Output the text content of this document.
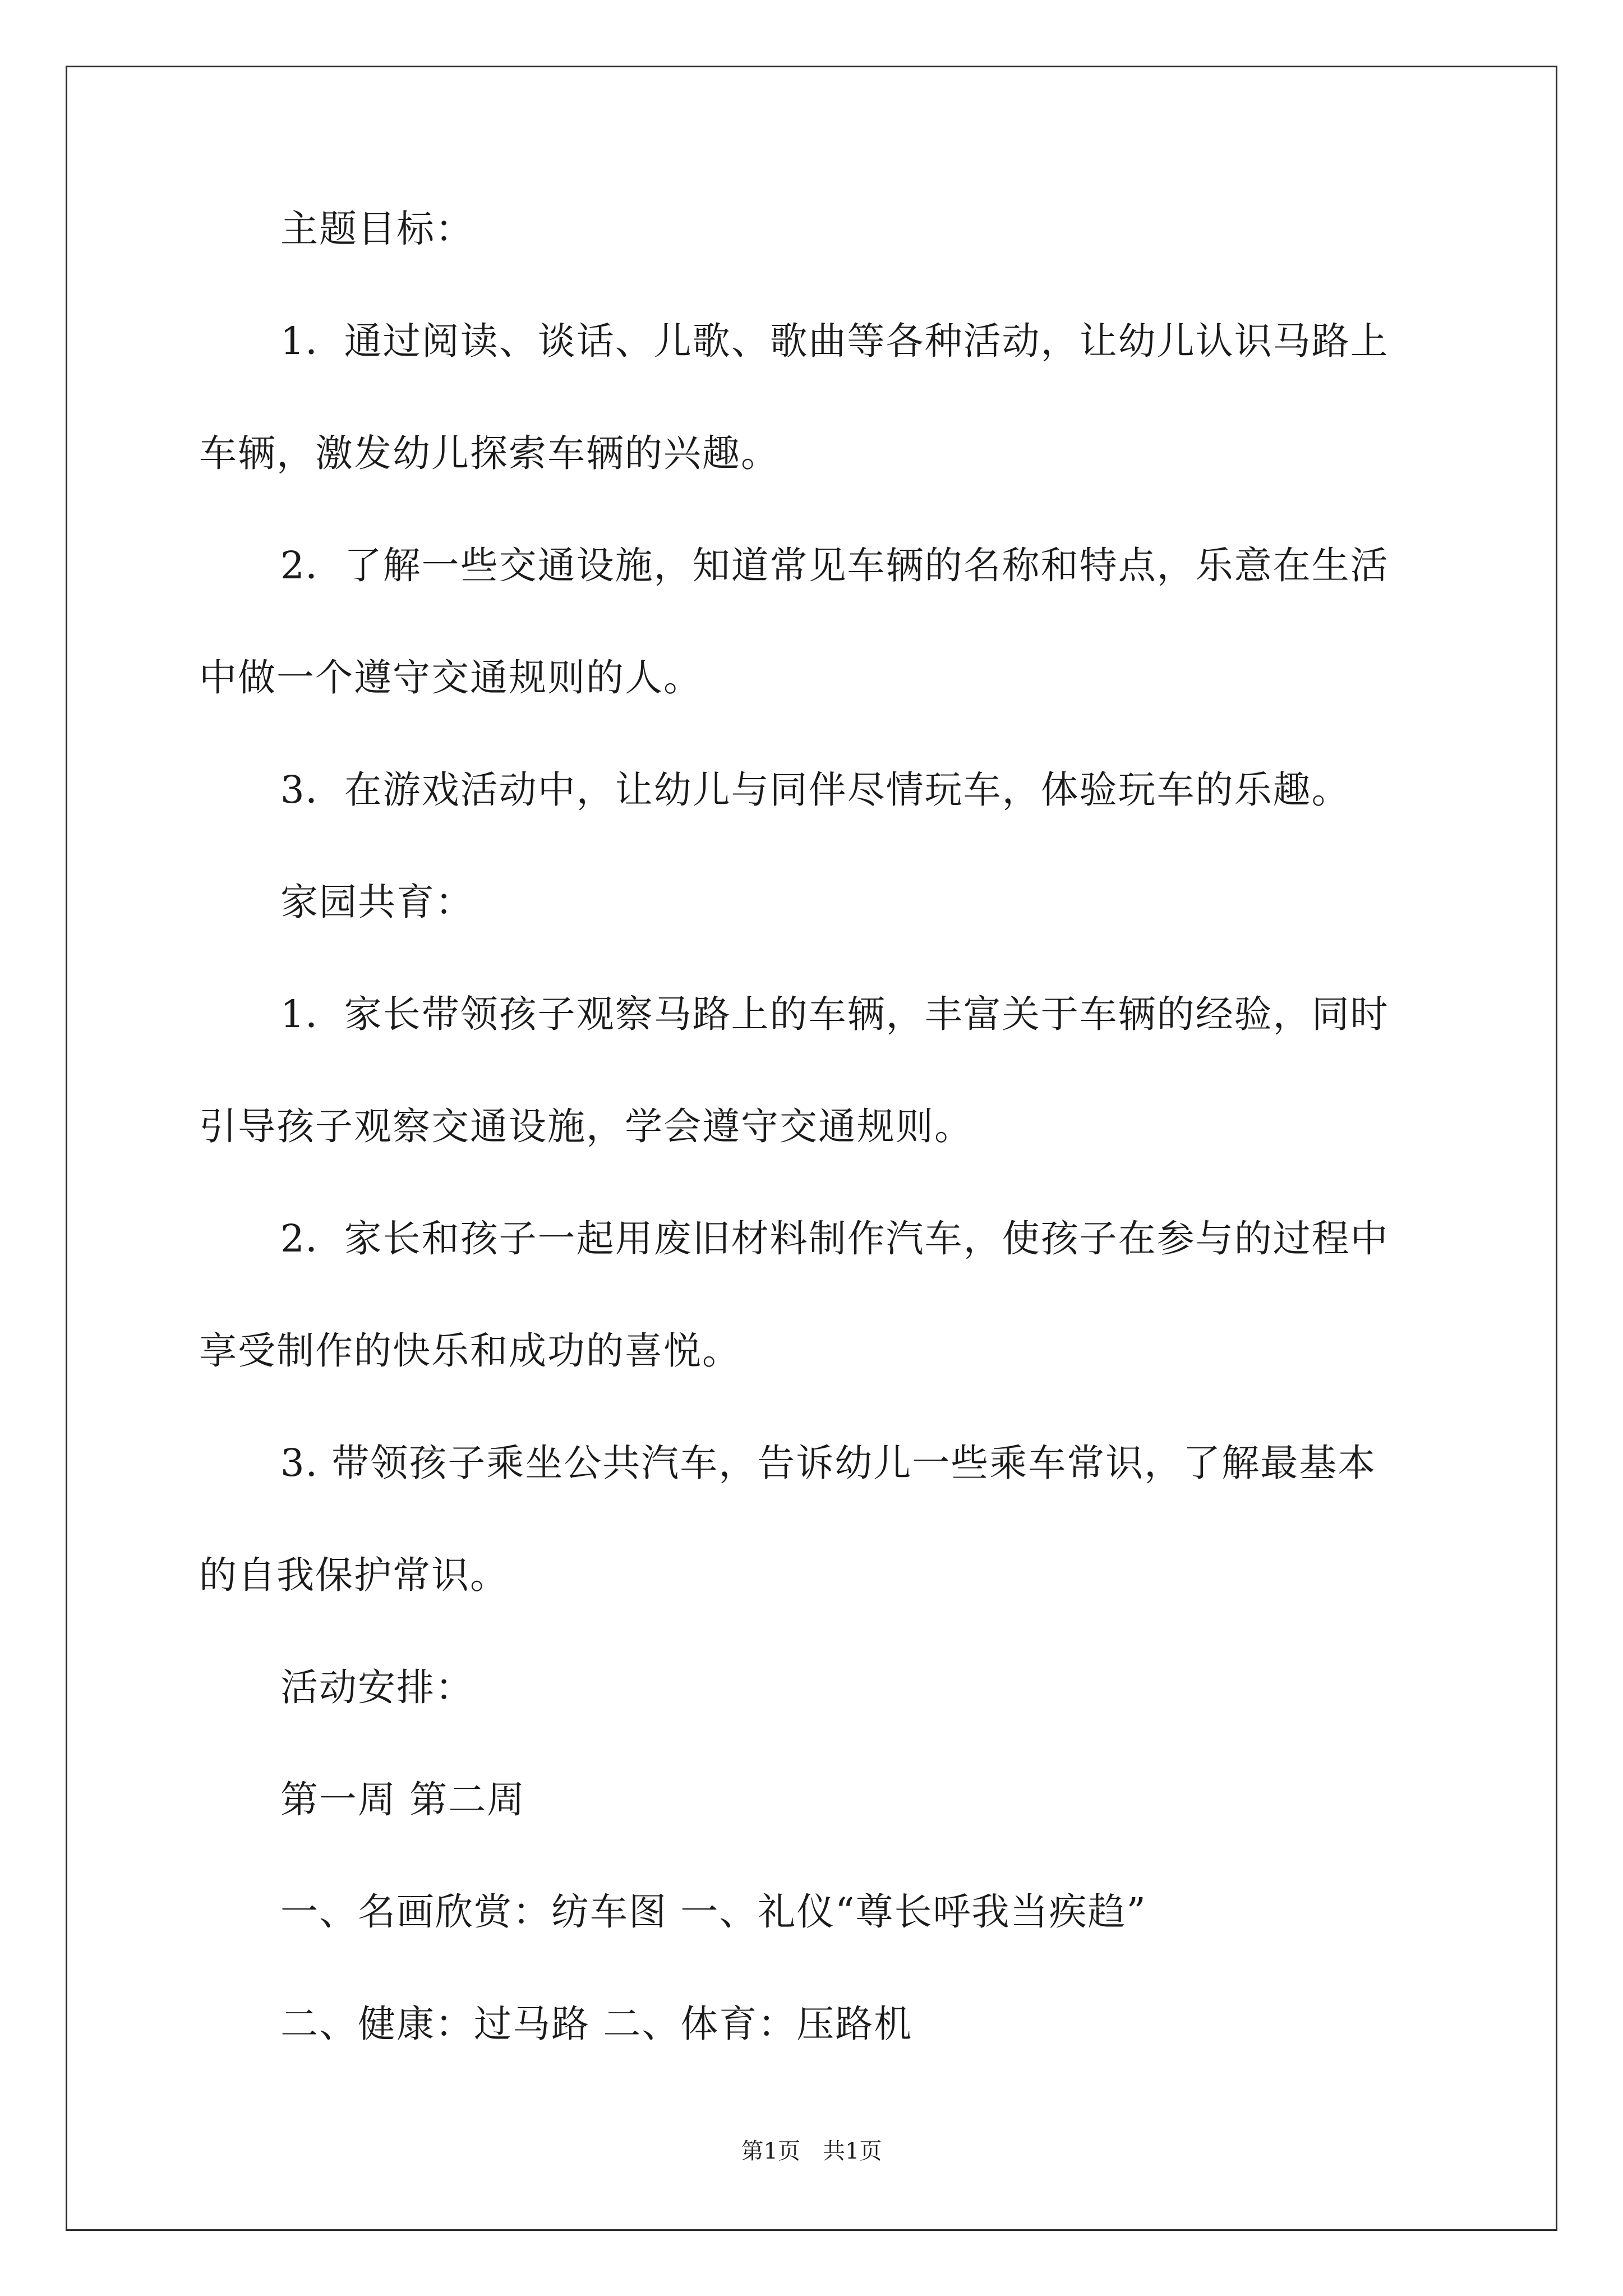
主题目标：
1．通过阅读、谈话、儿歌、歌曲等各种活动，让幼儿认识马路上
车辆，激发幼儿探索车辆的兴趣。
2．了解一些交通设施，知道常见车辆的名称和特点，乐意在生活
中做一个遵守交通规则的人。
3．在游戏活动中，让幼儿与同伴尽情玩车，体验玩车的乐趣。
家园共育：
1．家长带领孩子观察马路上的车辆，丰富关于车辆的经验，同时
引导孩子观察交通设施，学会遵守交通规则。
2．家长和孩子一起用废旧材料制作汽车，使孩子在参与的过程中
享受制作的快乐和成功的喜悦。
3. 带领孩子乘坐公共汽车，告诉幼儿一些乘车常识，了解最基本
的自我保护常识。
活动安排：
第一周 第二周
一、名画欣赏：纺车图 一、礼仪“尊长呼我当疾趋”
二、健康：过马路 二、体育：压路机
第1页　共1页
